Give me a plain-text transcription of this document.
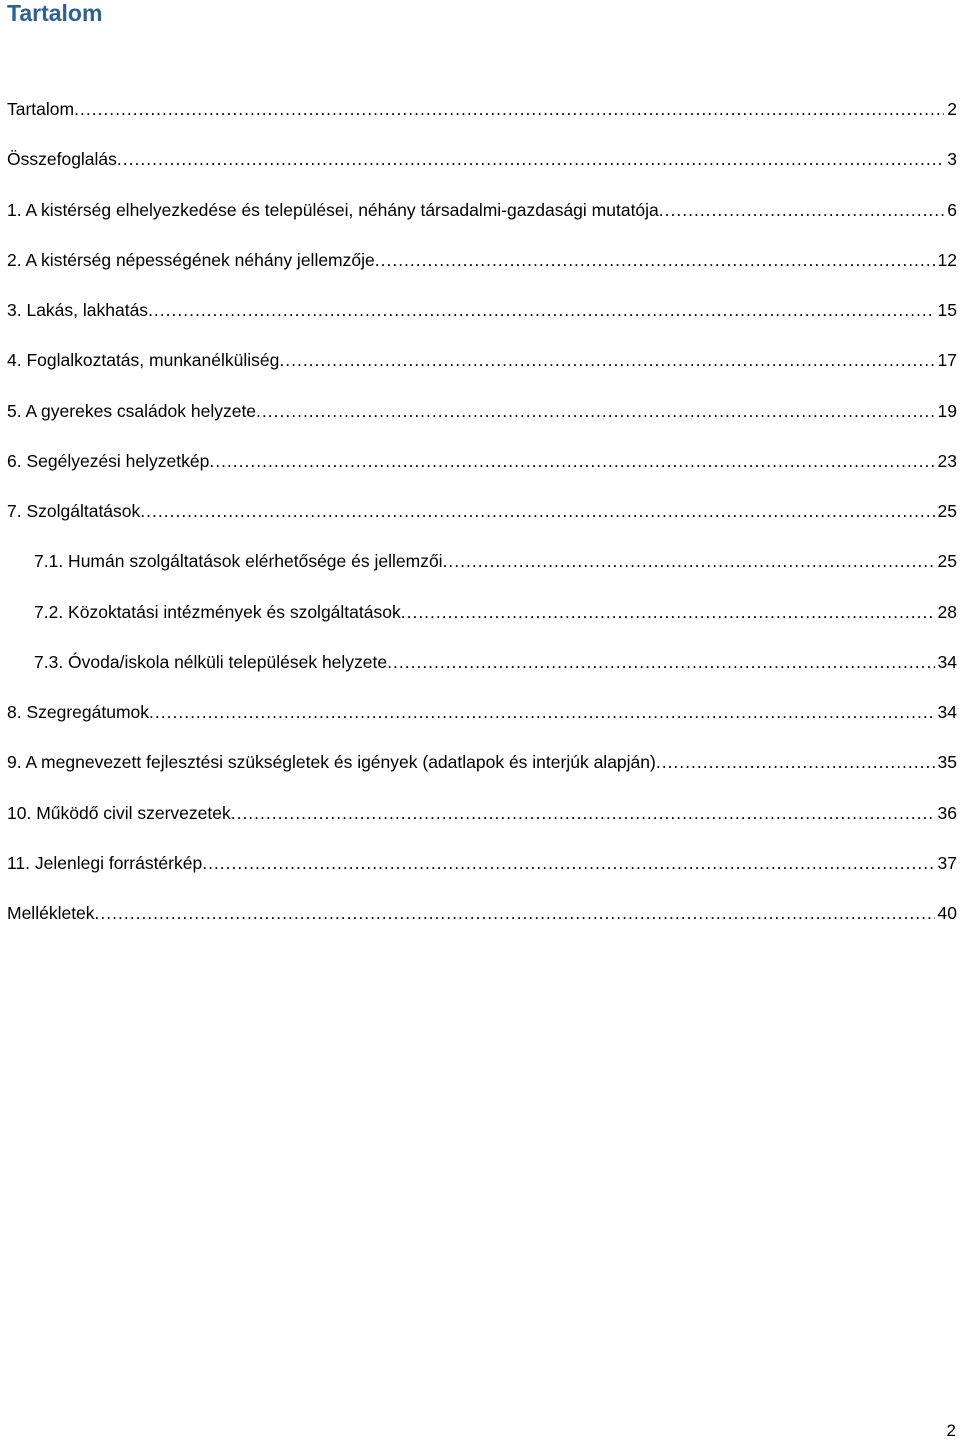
Tartalom
Tartalom .....	2
Összefoglalás .....	3
1. A kistérség elhelyezkedése és települései, néhány társadalmi-gazdasági mutatója .....	6
2. A kistérség népességének néhány jellemzője .....	12
3. Lakás, lakhatás .....	15
4. Foglalkoztatás, munkanélküliség .....	17
5. A gyerekes családok helyzete .....	19
6. Segélyezési helyzetkép .....	23
7. Szolgáltatások .....	25
7.1. Humán szolgáltatások elérhetősége és jellemzői .....	25
7.2. Közoktatási intézmények és szolgáltatások .....	28
7.3. Óvoda/iskola nélküli települések helyzete .....	34
8. Szegregátumok .....	34
9. A megnevezett fejlesztési szükségletek és igények (adatlapok és interjúk alapján) .....	35
10. Működő civil szervezetek .....	36
11. Jelenlegi forrástérkép .....	37
Mellékletek .....	40
2
